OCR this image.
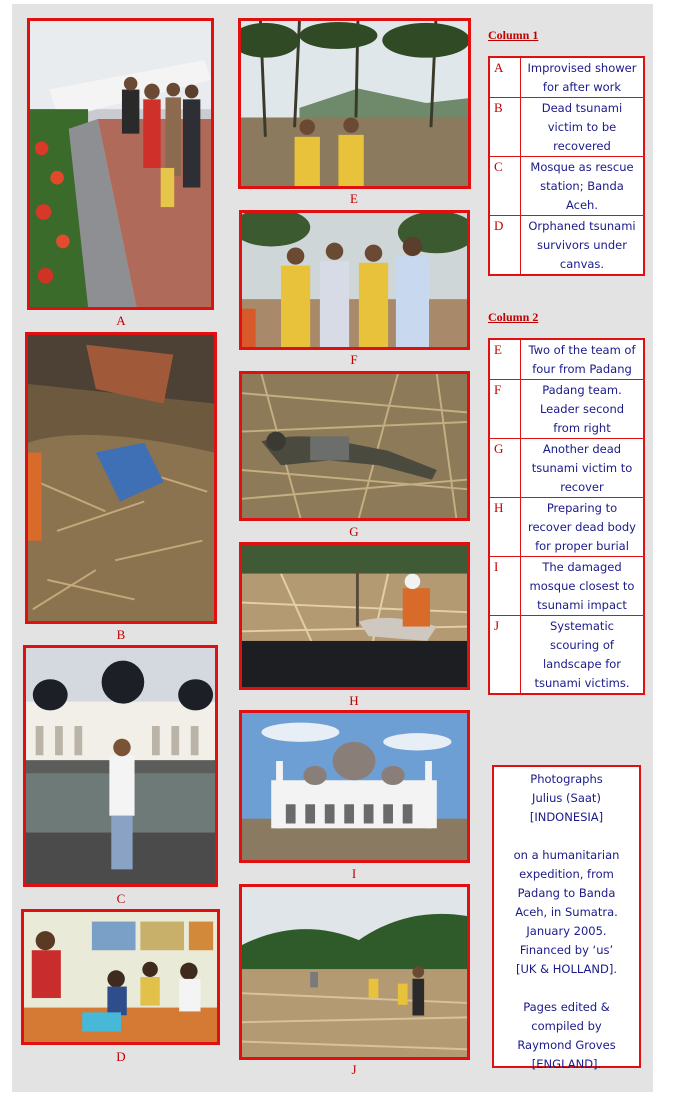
A
B
C
D
E
F
G
H
I
J
Column 1
A	Improvised shower for after work
B	Dead tsunami victim to be recovered
C	Mosque as rescue station; Banda Aceh.
D	Orphaned tsunami survivors under canvas.
Column 2
E	Two of the team of four from Padang
F	Padang team. Leader second from right
G	Another dead tsunami victim to recover
H	Preparing to recover dead body for proper burial
I	The damaged mosque closest to tsunami impact
J	Systematic scouring of landscape for tsunami victims.

Photographs

Julius (Saat)

[INDONESIA]

on a humanitarian

expedition, from

Padang to Banda

Aceh, in Sumatra.

January 2005.

Financed by ‘us’

[UK & HOLLAND].

Pages edited &

compiled by

Raymond Groves

[ENGLAND].
